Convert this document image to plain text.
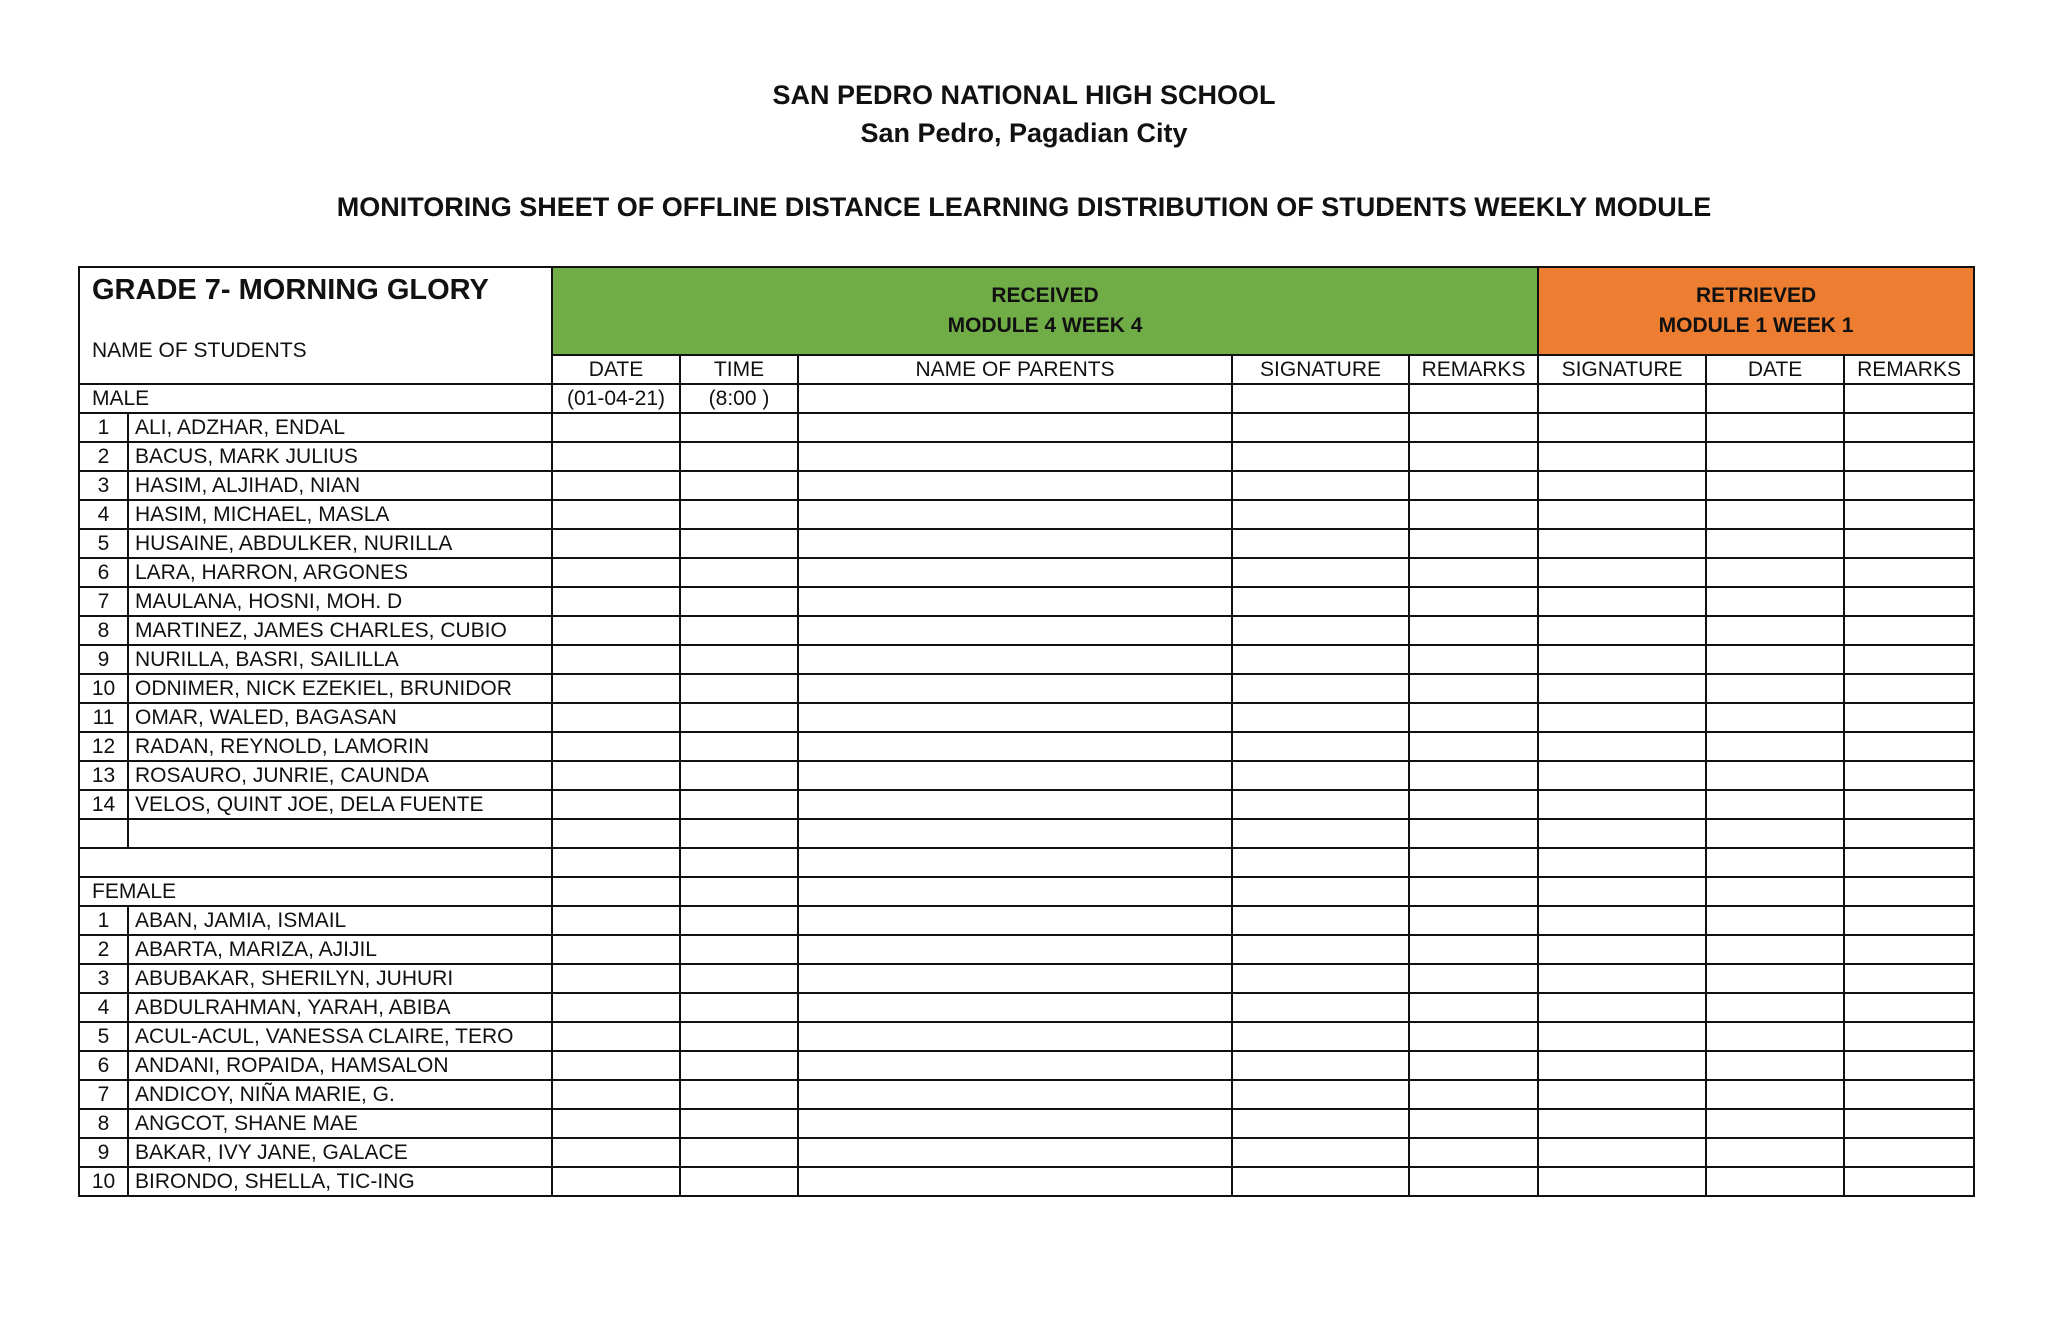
SAN PEDRO NATIONAL HIGH SCHOOL
San Pedro, Pagadian City
MONITORING SHEET OF OFFLINE DISTANCE LEARNING DISTRIBUTION OF STUDENTS WEEKLY MODULE
GRADE 7- MORNING GLORY
NAME OF STUDENTS		RECEIVED
MODULE 4 WEEK 4					RETRIEVED
MODULE 1 WEEK 1		

		DATE	TIME	NAME OF PARENTS	SIGNATURE	REMARKS	SIGNATURE	DATE	REMARKS
MALE		(01-04-21)	(8:00 )						
1	ALI, ADZHAR, ENDAL								
2	BACUS, MARK JULIUS								
3	HASIM, ALJIHAD, NIAN								
4	HASIM, MICHAEL, MASLA								
5	HUSAINE, ABDULKER, NURILLA								
6	LARA, HARRON, ARGONES								
7	MAULANA, HOSNI, MOH. D								
8	MARTINEZ, JAMES CHARLES, CUBIO								
9	NURILLA, BASRI, SAILILLA								
10	ODNIMER, NICK EZEKIEL, BRUNIDOR								
11	OMAR, WALED, BAGASAN								
12	RADAN, REYNOLD, LAMORIN								
13	ROSAURO, JUNRIE, CAUNDA								
14	VELOS, QUINT JOE, DELA FUENTE								

FEMALE									
1	ABAN, JAMIA, ISMAIL								
2	ABARTA, MARIZA, AJIJIL								
3	ABUBAKAR, SHERILYN, JUHURI								
4	ABDULRAHMAN, YARAH, ABIBA								
5	ACUL-ACUL, VANESSA CLAIRE, TERO								
6	ANDANI, ROPAIDA, HAMSALON								
7	ANDICOY, NIÑA MARIE, G.								
8	ANGCOT, SHANE MAE								
9	BAKAR, IVY JANE, GALACE								
10	BIRONDO, SHELLA, TIC-ING								
